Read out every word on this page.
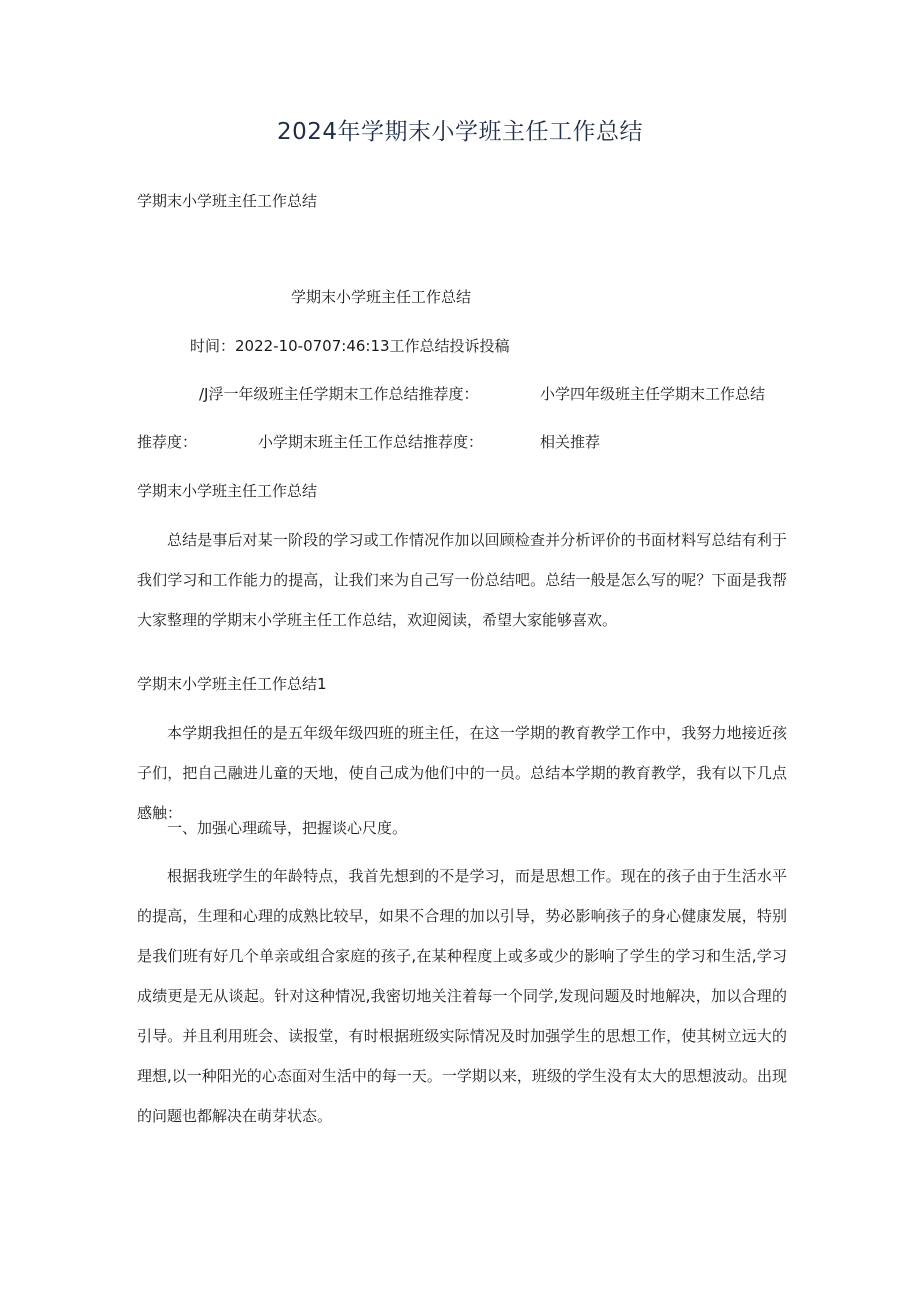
2024年学期末小学班主任工作总结
学期末小学班主任工作总结
学期末小学班主任工作总结
时间：2022-10-0707:46:13工作总结投诉投稿
/J浮一年级班主任学期末工作总结推荐度：	小学四年级班主任学期末工作总结
推荐度：	小学期末班主任工作总结推荐度：	相关推荐
学期末小学班主任工作总结
总结是事后对某一阶段的学习或工作情况作加以回顾检查并分析评价的书面材料写总结有利于我们学习和工作能力的提高，让我们来为自己写一份总结吧。总结一般是怎么写的呢？下面是我帮大家整理的学期末小学班主任工作总结，欢迎阅读，希望大家能够喜欢。
学期末小学班主任工作总结1
本学期我担任的是五年级年级四班的班主任，在这一学期的教育教学工作中，我努力地接近孩子们，把自己融进儿童的天地，使自己成为他们中的一员。总结本学期的教育教学，我有以下几点感触：
一、加强心理疏导，把握谈心尺度。
根据我班学生的年龄特点，我首先想到的不是学习，而是思想工作。现在的孩子由于生活水平的提高，生理和心理的成熟比较早，如果不合理的加以引导，势必影响孩子的身心健康发展，特别是我们班有好几个单亲或组合家庭的孩子,在某种程度上或多或少的影响了学生的学习和生活,学习成绩更是无从谈起。针对这种情况,我密切地关注着每一个同学,发现问题及时地解决，加以合理的引导。并且利用班会、读报堂，有时根据班级实际情况及时加强学生的思想工作，使其树立远大的理想,以一种阳光的心态面对生活中的每一天。一学期以来，班级的学生没有太大的思想波动。出现的问题也都解决在萌芽状态。
